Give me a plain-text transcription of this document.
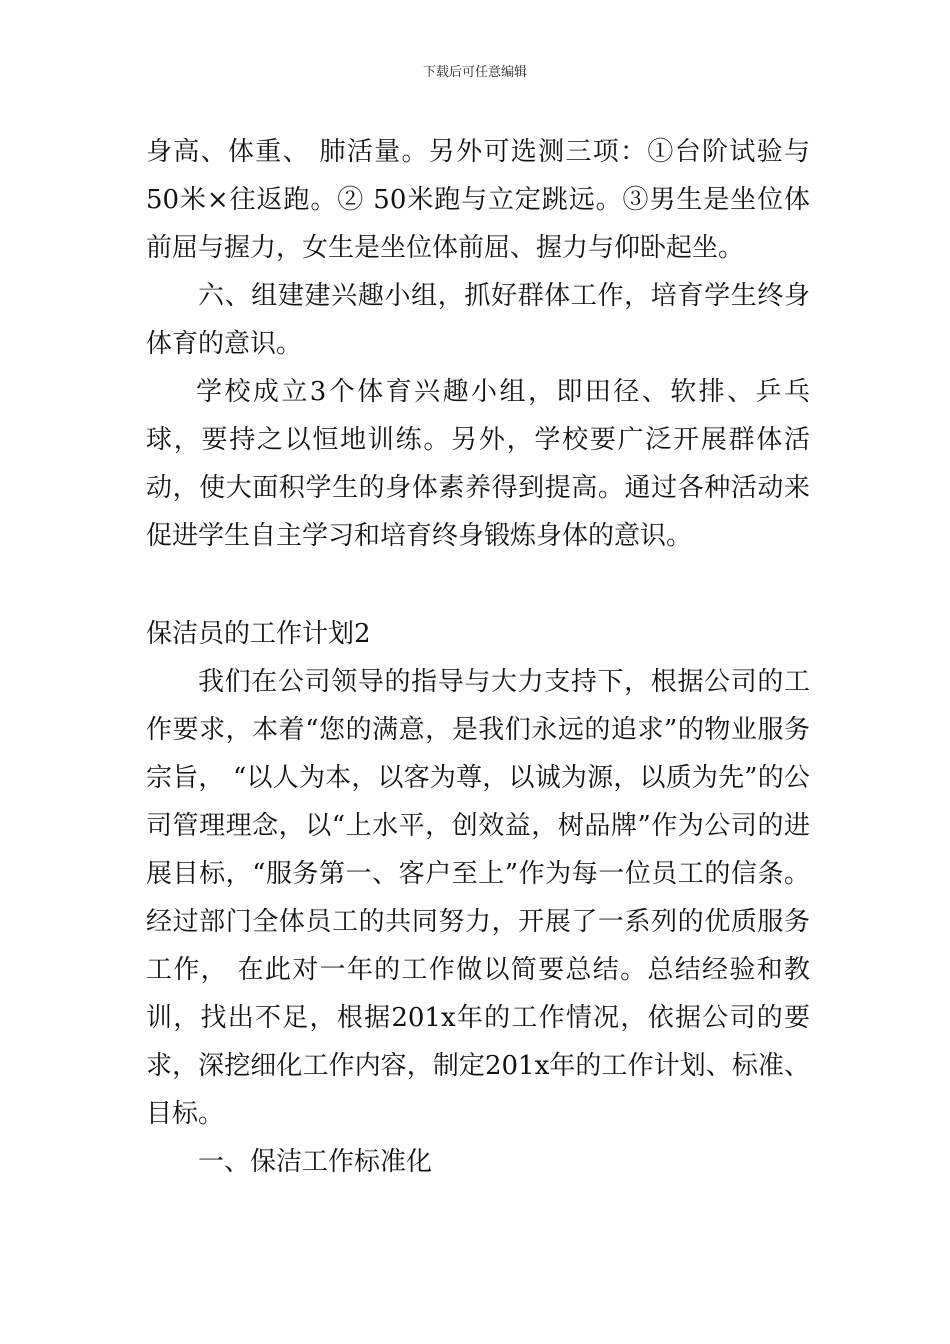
下载后可任意编辑

身高、体重、 肺活量。另外可选测三项：①台阶试验与50米×往返跑。② 50米跑与立定跳远。③男生是坐位体前屈与握力，女生是坐位体前屈、握力与仰卧起坐。

六、组建建兴趣小组，抓好群体工作，培育学生终身体育的意识。

学校成立3个体育兴趣小组，即田径、软排、乒乓球，要持之以恒地训练。另外，学校要广泛开展群体活动，使大面积学生的身体素养得到提高。通过各种活动来促进学生自主学习和培育终身锻炼身体的意识。

保洁员的工作计划2

我们在公司领导的指导与大力支持下，根据公司的工作要求，本着“您的满意，是我们永远的追求”的物业服务宗旨， “以人为本，以客为尊，以诚为源，以质为先”的公司管理理念，以“上水平，创效益，树品牌”作为公司的进展目标，“服务第一、客户至上”作为每一位员工的信条。经过部门全体员工的共同努力，开展了一系列的优质服务工作， 在此对一年的工作做以简要总结。总结经验和教训，找出不足，根据201x年的工作情况，依据公司的要求，深挖细化工作内容，制定201x年的工作计划、标准、目标。

一、保洁工作标准化
